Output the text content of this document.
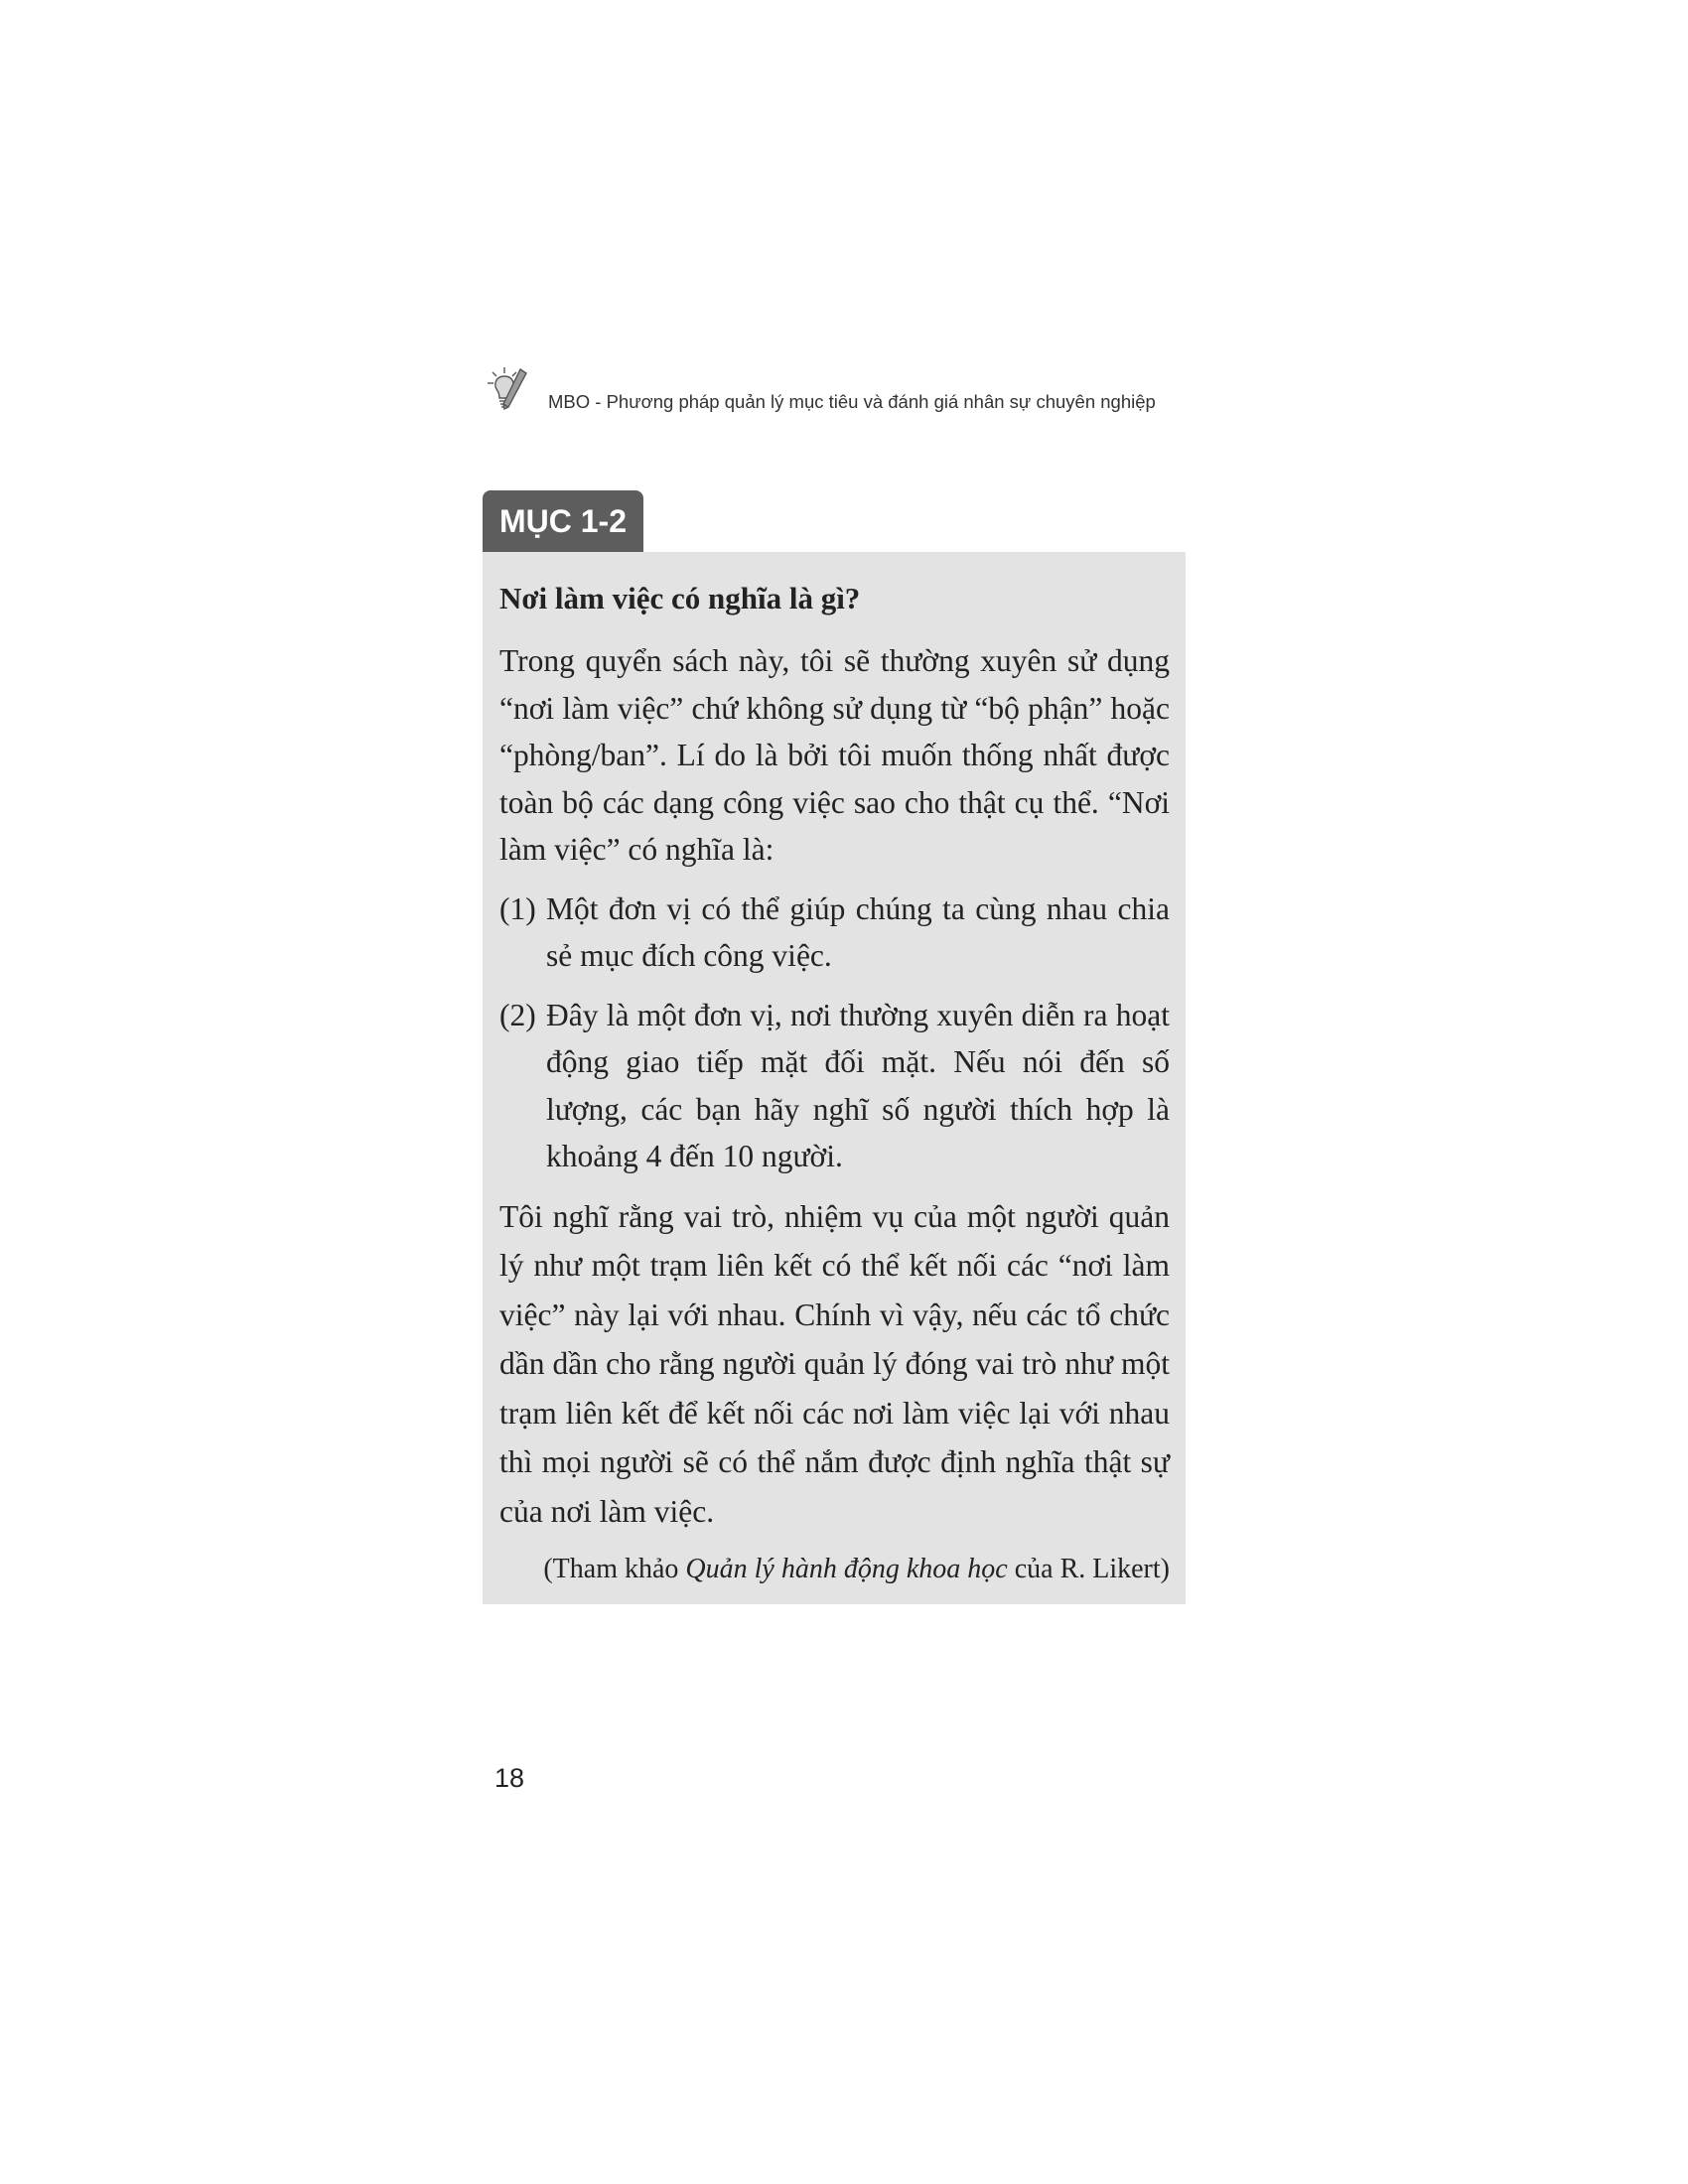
MBO - Phương pháp quản lý mục tiêu và đánh giá nhân sự chuyên nghiệp
MỤC 1-2

Nơi làm việc có nghĩa là gì?

Trong quyển sách này, tôi sẽ thường xuyên sử dụng “nơi làm việc” chứ không sử dụng từ “bộ phận” hoặc “phòng/ban”. Lí do là bởi tôi muốn thống nhất được toàn bộ các dạng công việc sao cho thật cụ thể. “Nơi làm việc” có nghĩa là:

(1) Một đơn vị có thể giúp chúng ta cùng nhau chia sẻ mục đích công việc.
(2) Đây là một đơn vị, nơi thường xuyên diễn ra hoạt động giao tiếp mặt đối mặt. Nếu nói đến số lượng, các bạn hãy nghĩ số người thích hợp là khoảng 4 đến 10 người.

Tôi nghĩ rằng vai trò, nhiệm vụ của một người quản lý như một trạm liên kết có thể kết nối các “nơi làm việc” này lại với nhau. Chính vì vậy, nếu các tổ chức dần dần cho rằng người quản lý đóng vai trò như một trạm liên kết để kết nối các nơi làm việc lại với nhau thì mọi người sẽ có thể nắm được định nghĩa thật sự của nơi làm việc.

(Tham khảo Quản lý hành động khoa học của R. Likert)

18
